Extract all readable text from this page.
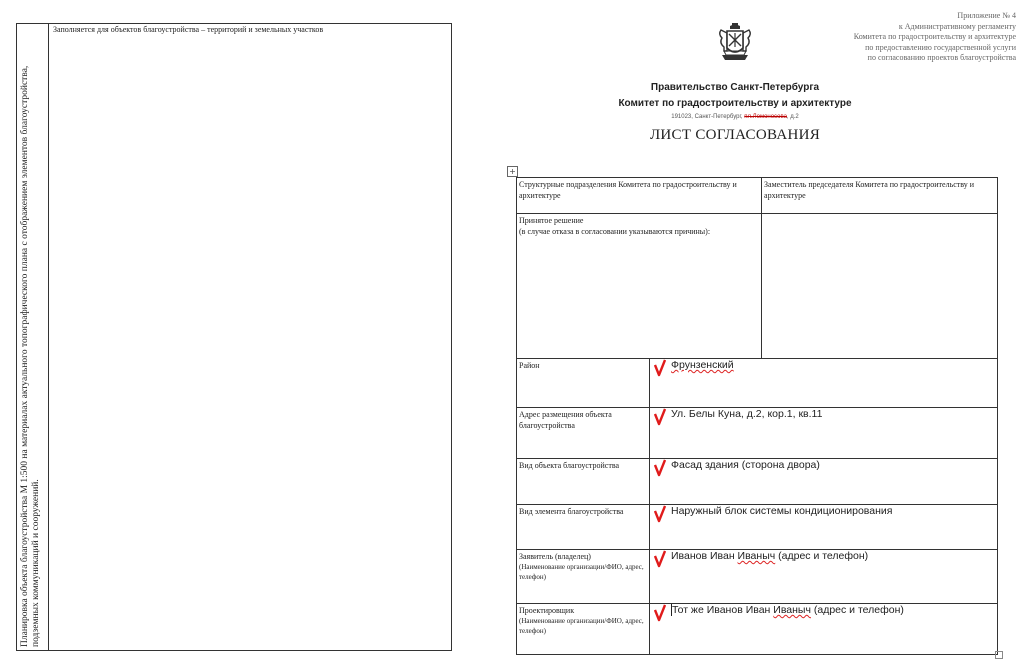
Заполняется для объектов благоустройства – территорий и земельных участков
Планировка объекта благоустройства М 1:500 на материалах актуального топографического плана с отображением элементов благоустройства, подземных коммуникаций и сооружений.
Приложение № 4
к Административному регламенту
Комитета по градостроительству и архитектуре
по предоставлению государственной услуги
по согласованию проектов благоустройства
Правительство Санкт-Петербурга
Комитет по градостроительству и архитектуре
191023, Санкт-Петербург, пл.Ломоносова, д.2
ЛИСТ СОГЛАСОВАНИЯ
+
Структурные подразделения Комитета по градостроительству и архитектуре		Заместитель председателя Комитета по градостроительству и архитектуре
Принятое решение
(в случае отказа в согласовании указываются причины):		
Район	Фрунзенский	

Адрес размещения объекта благоустройства	Ул. Белы Куна, д.2, кор.1, кв.11	

Вид объекта благоустройства	Фасад здания (сторона двора)	

Вид элемента благоустройства	Наружный блок системы кондиционирования	

Заявитель (владелец)
(Наименование организации/ФИО, адрес, телефон)	Иванов Иван Иваныч (адрес и телефон)	

Проектировщик
(Наименование организации/ФИО, адрес, телефон)	Тот же Иванов Иван Иваныч (адрес и телефон)	
